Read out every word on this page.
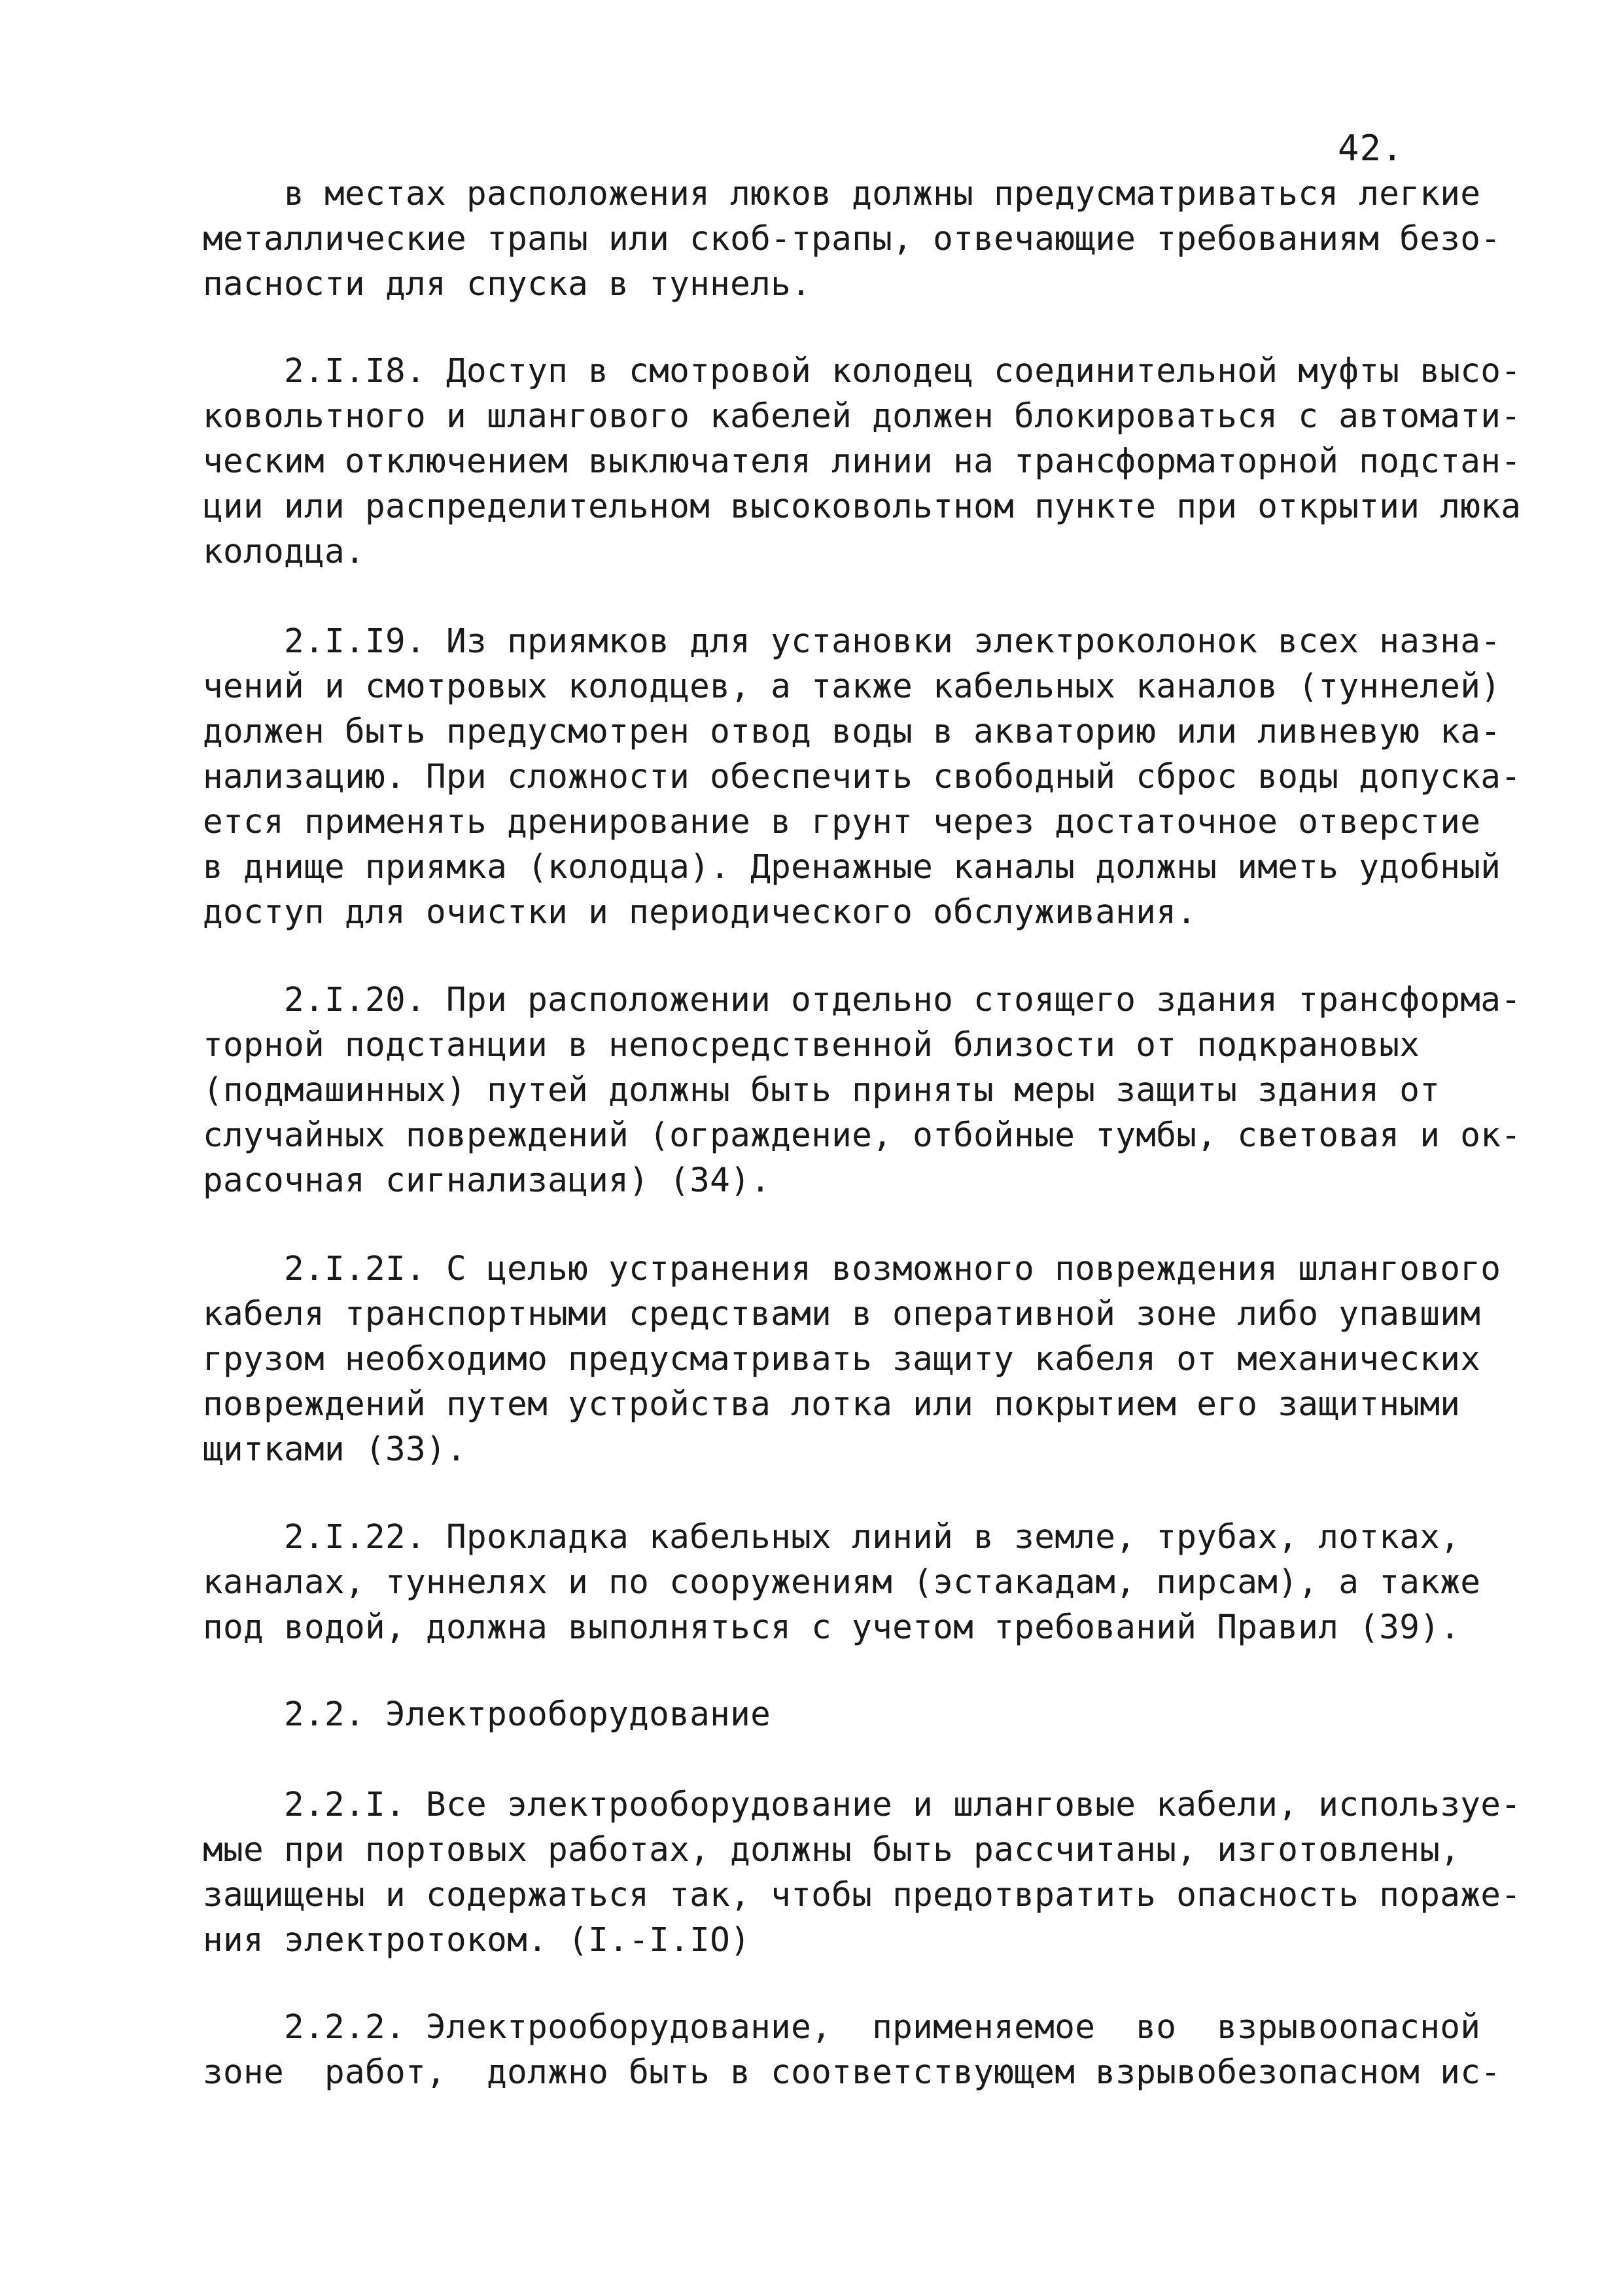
42.
в местах расположения люков должны предусматриваться легкие
металлические трапы или скоб-трапы, отвечающие требованиям безо-
пасности для спуска в туннель.
2.I.I8. Доступ в смотровой колодец соединительной муфты высо-
ковольтного и шлангового кабелей должен блокироваться с автомати-
ческим отключением выключателя линии на трансформаторной подстан-
ции или распределительном высоковольтном пункте при открытии люка
колодца.
2.I.I9. Из приямков для установки электроколонок всех назна-
чений и смотровых колодцев, а также кабельных каналов (туннелей)
должен быть предусмотрен отвод воды в акваторию или ливневую ка-
нализацию. При сложности обеспечить свободный сброс воды допуска-
ется применять дренирование в грунт через достаточное отверстие
в днище приямка (колодца). Дренажные каналы должны иметь удобный
доступ для очистки и периодического обслуживания.
2.I.20. При расположении отдельно стоящего здания трансформа-
торной подстанции в непосредственной близости от подкрановых
(подмашинных) путей должны быть приняты меры защиты здания от
случайных повреждений (ограждение, отбойные тумбы, световая и ок-
расочная сигнализация) (34).
2.I.2I. С целью устранения возможного повреждения шлангового
кабеля транспортными средствами в оперативной зоне либо упавшим
грузом необходимо предусматривать защиту кабеля от механических
повреждений путем устройства лотка или покрытием его защитными
щитками (33).
2.I.22. Прокладка кабельных линий в земле, трубах, лотках,
каналах, туннелях и по сооружениям (эстакадам, пирсам), а также
под водой, должна выполняться с учетом требований Правил (39).
2.2. Электрооборудование
2.2.I. Все электрооборудование и шланговые кабели, используе-
мые при портовых работах, должны быть рассчитаны, изготовлены,
защищены и содержаться так, чтобы предотвратить опасность пораже-
ния электротоком. (I.-I.IO)
2.2.2. Электрооборудование,  применяемое  во  взрывоопасной
зоне  работ,  должно быть в соответствующем взрывобезопасном ис-
